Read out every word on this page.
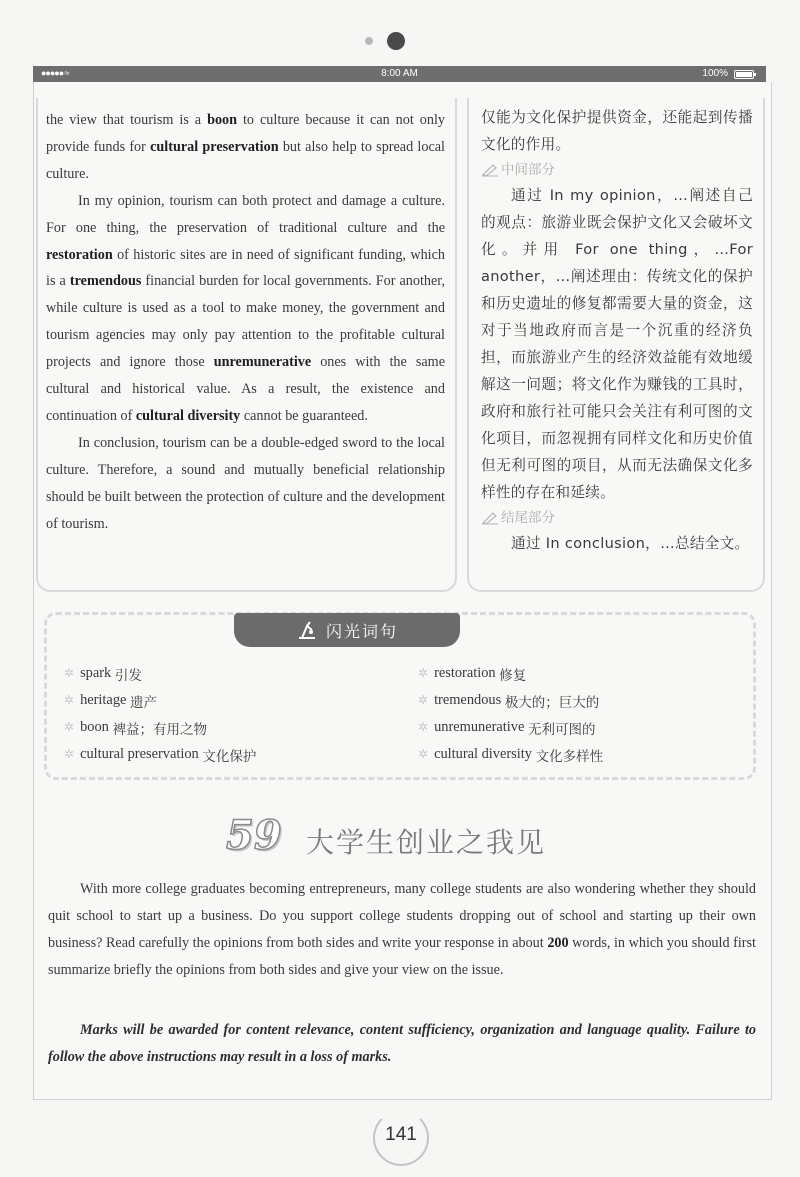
●●●●● ≈	8:00 AM	100%

the view that tourism is a boon to culture because it can not only provide funds for cultural preservation but also help to spread local culture.

In my opinion, tourism can both protect and damage a culture. For one thing, the preservation of traditional culture and the restoration of historic sites are in need of significant funding, which is a tremendous financial burden for local governments. For another, while culture is used as a tool to make money, the government and tourism agencies may only pay attention to the profitable cultural projects and ignore those unremunerative ones with the same cultural and historical value. As a result, the existence and continuation of cultural diversity cannot be guaranteed.

In conclusion, tourism can be a double-edged sword to the local culture. Therefore, a sound and mutually beneficial relationship should be built between the protection of culture and the development of tourism.

仅能为文化保护提供资金，还能起到传播文化的作用。

中间部分

通过 In my opinion，…阐述自己的观点：旅游业既会保护文化又会破坏文化。并用 For one thing，…For another，…阐述理由：传统文化的保护和历史遗址的修复都需要大量的资金，这对于当地政府而言是一个沉重的经济负担，而旅游业产生的经济效益能有效地缓解这一问题；将文化作为赚钱的工具时，政府和旅行社可能只会关注有利可图的文化项目，而忽视拥有同样文化和历史价值但无利可图的项目，从而无法确保文化多样性的存在和延续。

结尾部分

通过 In conclusion，…总结全文。

闪光词句
✲ spark
引发
✲ heritage
遗产
✲ boon
裨益；有用之物
✲ cultural preservation
文化保护
✲ restoration
修复
✲ tremendous
极大的；巨大的
✲ unremunerative
无利可图的
✲ cultural diversity
文化多样性
59 大学生创业之我见

With more college graduates becoming entrepreneurs, many college students are also wondering whether they should quit school to start up a business. Do you support college students dropping out of school and starting up their own business? Read carefully the opinions from both sides and write your response in about 200 words, in which you should first summarize briefly the opinions from both sides and give your view on the issue.

Marks will be awarded for content relevance, content sufficiency, organization and language quality. Failure to follow the above instructions may result in a loss of marks.

141
